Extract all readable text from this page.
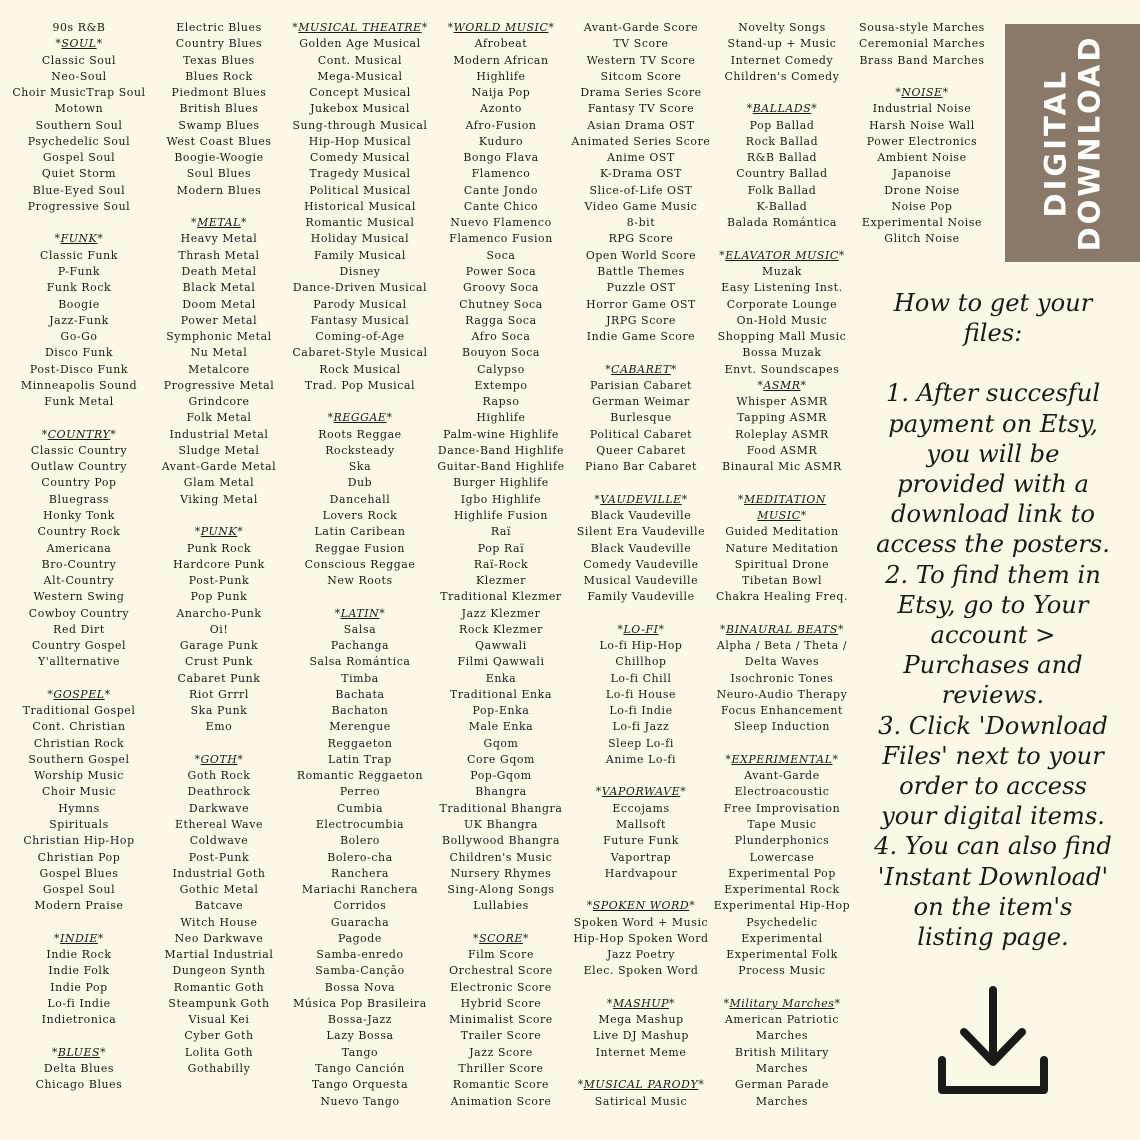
90s R&B
*SOUL*
Classic Soul
Neo-Soul
Choir MusicTrap Soul
Motown
Southern Soul
Psychedelic Soul
Gospel Soul
Quiet Storm
Blue-Eyed Soul
Progressive Soul
*FUNK*
Classic Funk
P-Funk
Funk Rock
Boogie
Jazz-Funk
Go-Go
Disco Funk
Post-Disco Funk
Minneapolis Sound
Funk Metal
*COUNTRY*
Classic Country
Outlaw Country
Country Pop
Bluegrass
Honky Tonk
Country Rock
Americana
Bro-Country
Alt-Country
Western Swing
Cowboy Country
Red Dirt
Country Gospel
Y'allternative
*GOSPEL*
Traditional Gospel
Cont. Christian
Christian Rock
Southern Gospel
Worship Music
Choir Music
Hymns
Spirituals
Christian Hip-Hop
Christian Pop
Gospel Blues
Gospel Soul
Modern Praise
*INDIE*
Indie Rock
Indie Folk
Indie Pop
Lo-fi Indie
Indietronica
*BLUES*
Delta Blues
Chicago Blues
Electric Blues
Country Blues
Texas Blues
Blues Rock
Piedmont Blues
British Blues
Swamp Blues
West Coast Blues
Boogie-Woogie
Soul Blues
Modern Blues
*METAL*
Heavy Metal
Thrash Metal
Death Metal
Black Metal
Doom Metal
Power Metal
Symphonic Metal
Nu Metal
Metalcore
Progressive Metal
Grindcore
Folk Metal
Industrial Metal
Sludge Metal
Avant-Garde Metal
Glam Metal
Viking Metal
*PUNK*
Punk Rock
Hardcore Punk
Post-Punk
Pop Punk
Anarcho-Punk
Oi!
Garage Punk
Crust Punk
Cabaret Punk
Riot Grrrl
Ska Punk
Emo
*GOTH*
Goth Rock
Deathrock
Darkwave
Ethereal Wave
Coldwave
Post-Punk
Industrial Goth
Gothic Metal
Batcave
Witch House
Neo Darkwave
Martial Industrial
Dungeon Synth
Romantic Goth
Steampunk Goth
Visual Kei
Cyber Goth
Lolita Goth
Gothabilly
*MUSICAL THEATRE*
Golden Age Musical
Cont. Musical
Mega-Musical
Concept Musical
Jukebox Musical
Sung-through Musical
Hip-Hop Musical
Comedy Musical
Tragedy Musical
Political Musical
Historical Musical
Romantic Musical
Holiday Musical
Family Musical
Disney
Dance-Driven Musical
Parody Musical
Fantasy Musical
Coming-of-Age
Cabaret-Style Musical
Rock Musical
Trad. Pop Musical
*REGGAE*
Roots Reggae
Rocksteady
Ska
Dub
Dancehall
Lovers Rock
Latin Caribean
Reggae Fusion
Conscious Reggae
New Roots
*LATIN*
Salsa
Pachanga
Salsa Romántica
Timba
Bachata
Bachaton
Merengue
Reggaeton
Latin Trap
Romantic Reggaeton
Perreo
Cumbia
Electrocumbia
Bolero
Bolero-cha
Ranchera
Mariachi Ranchera
Corridos
Guaracha
Pagode
Samba-enredo
Samba-Canção
Bossa Nova
Música Pop Brasileira
Bossa-Jazz
Lazy Bossa
Tango
Tango Canción
Tango Orquesta
Nuevo Tango
*WORLD MUSIC*
Afrobeat
Modern African
Highlife
Naija Pop
Azonto
Afro-Fusion
Kuduro
Bongo Flava
Flamenco
Cante Jondo
Cante Chico
Nuevo Flamenco
Flamenco Fusion
Soca
Power Soca
Groovy Soca
Chutney Soca
Ragga Soca
Afro Soca
Bouyon Soca
Calypso
Extempo
Rapso
Highlife
Palm-wine Highlife
Dance-Band Highlife
Guitar-Band Highlife
Burger Highlife
Igbo Highlife
Highlife Fusion
Raï
Pop Raï
Raï-Rock
Klezmer
Traditional Klezmer
Jazz Klezmer
Rock Klezmer
Qawwali
Filmi Qawwali
Enka
Traditional Enka
Pop-Enka
Male Enka
Gqom
Core Gqom
Pop-Gqom
Bhangra
Traditional Bhangra
UK Bhangra
Bollywood Bhangra
Children's Music
Nursery Rhymes
Sing-Along Songs
Lullabies
*SCORE*
Film Score
Orchestral Score
Electronic Score
Hybrid Score
Minimalist Score
Trailer Score
Jazz Score
Thriller Score
Romantic Score
Animation Score
Avant-Garde Score
TV Score
Western TV Score
Sitcom Score
Drama Series Score
Fantasy TV Score
Asian Drama OST
Animated Series Score
Anime OST
K-Drama OST
Slice-of-Life OST
Video Game Music
8-bit
RPG Score
Open World Score
Battle Themes
Puzzle OST
Horror Game OST
JRPG Score
Indie Game Score
*CABARET*
Parisian Cabaret
German Weimar
Burlesque
Political Cabaret
Queer Cabaret
Piano Bar Cabaret
*VAUDEVILLE*
Black Vaudeville
Silent Era Vaudeville
Black Vaudeville
Comedy Vaudeville
Musical Vaudeville
Family Vaudeville
*LO-FI*
Lo-fi Hip-Hop
Chillhop
Lo-fi Chill
Lo-fi House
Lo-fi Indie
Lo-fi Jazz
Sleep Lo-fi
Anime Lo-fi
*VAPORWAVE*
Eccojams
Mallsoft
Future Funk
Vaportrap
Hardvapour
*SPOKEN WORD*
Spoken Word + Music
Hip-Hop Spoken Word
Jazz Poetry
Elec. Spoken Word
*MASHUP*
Mega Mashup
Live DJ Mashup
Internet Meme
*MUSICAL PARODY*
Satirical Music
Novelty Songs
Stand-up + Music
Internet Comedy
Children's Comedy
*BALLADS*
Pop Ballad
Rock Ballad
R&B Ballad
Country Ballad
Folk Ballad
K-Ballad
Balada Romántica
*ELAVATOR MUSIC*
Muzak
Easy Listening Inst.
Corporate Lounge
On-Hold Music
Shopping Mall Music
Bossa Muzak
Envt. Soundscapes
*ASMR*
Whisper ASMR
Tapping ASMR
Roleplay ASMR
Food ASMR
Binaural Mic ASMR
*MEDITATION
MUSIC*
Guided Meditation
Nature Meditation
Spiritual Drone
Tibetan Bowl
Chakra Healing Freq.
*BINAURAL BEATS*
Alpha / Beta / Theta /
Delta Waves
Isochronic Tones
Neuro-Audio Therapy
Focus Enhancement
Sleep Induction
*EXPERIMENTAL*
Avant-Garde
Electroacoustic
Free Improvisation
Tape Music
Plunderphonics
Lowercase
Experimental Pop
Experimental Rock
Experimental Hip-Hop
Psychedelic
Experimental
Experimental Folk
Process Music
*Military Marches*
American Patriotic
Marches
British Military
Marches
German Parade
Marches
Sousa-style Marches
Ceremonial Marches
Brass Band Marches
*NOISE*
Industrial Noise
Harsh Noise Wall
Power Electronics
Ambient Noise
Japanoise
Drone Noise
Noise Pop
Experimental Noise
Glitch Noise
DIGITAL DOWNLOAD

How to get your files:

1. After succesful payment on Etsy, you will be provided with a download link to access the posters.

2. To find them in Etsy, go to Your account > Purchases and reviews.

3. Click 'Download Files' next to your order to access your digital items.

4. You can also find 'Instant Download' on the item's listing page.
